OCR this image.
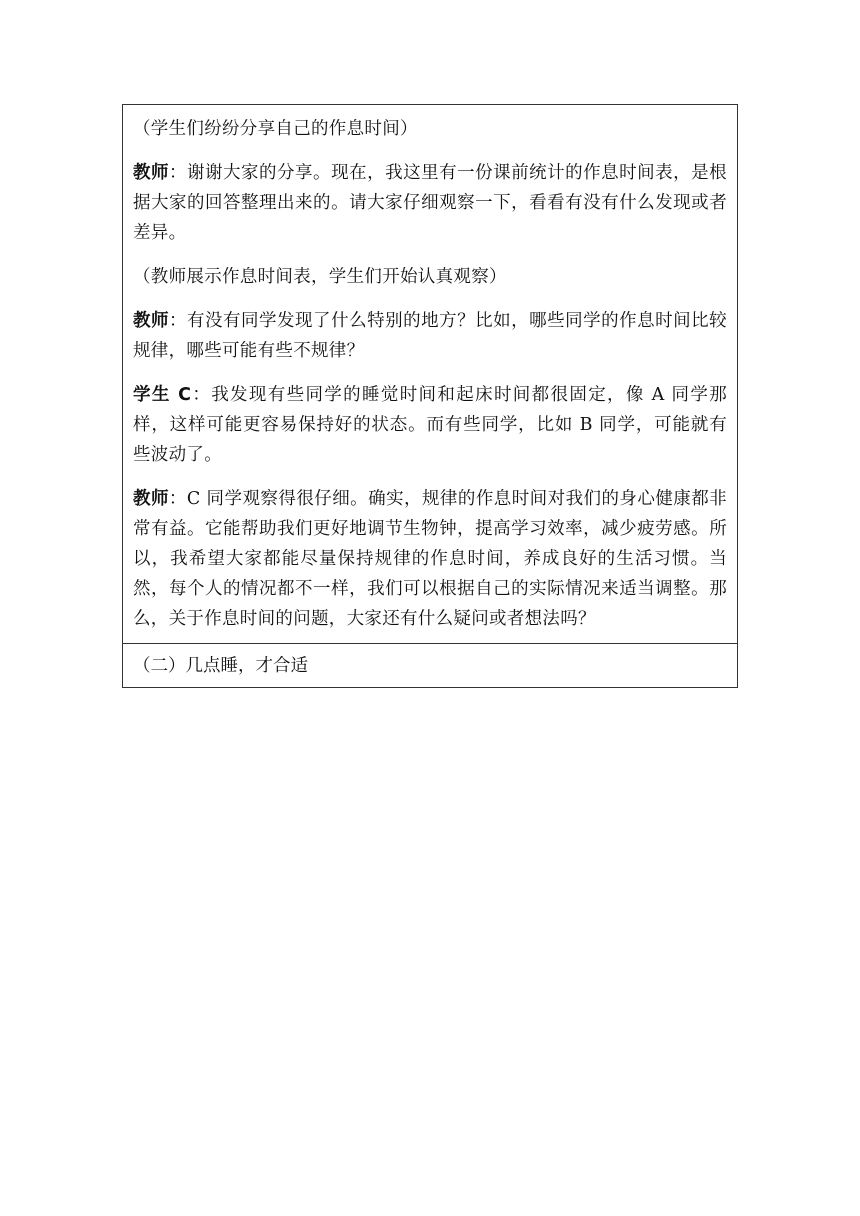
（学生们纷纷分享自己的作息时间）

教师：谢谢大家的分享。现在，我这里有一份课前统计的作息时间表，是根据大家的回答整理出来的。请大家仔细观察一下，看看有没有什么发现或者差异。

（教师展示作息时间表，学生们开始认真观察）

教师：有没有同学发现了什么特别的地方？比如，哪些同学的作息时间比较规律，哪些可能有些不规律？

学生 C：我发现有些同学的睡觉时间和起床时间都很固定，像 A 同学那样，这样可能更容易保持好的状态。而有些同学，比如 B 同学，可能就有些波动了。

教师：C 同学观察得很仔细。确实，规律的作息时间对我们的身心健康都非常有益。它能帮助我们更好地调节生物钟，提高学习效率，减少疲劳感。所以，我希望大家都能尽量保持规律的作息时间，养成良好的生活习惯。当然，每个人的情况都不一样，我们可以根据自己的实际情况来适当调整。那么，关于作息时间的问题，大家还有什么疑问或者想法吗？

（二）几点睡，才合适
